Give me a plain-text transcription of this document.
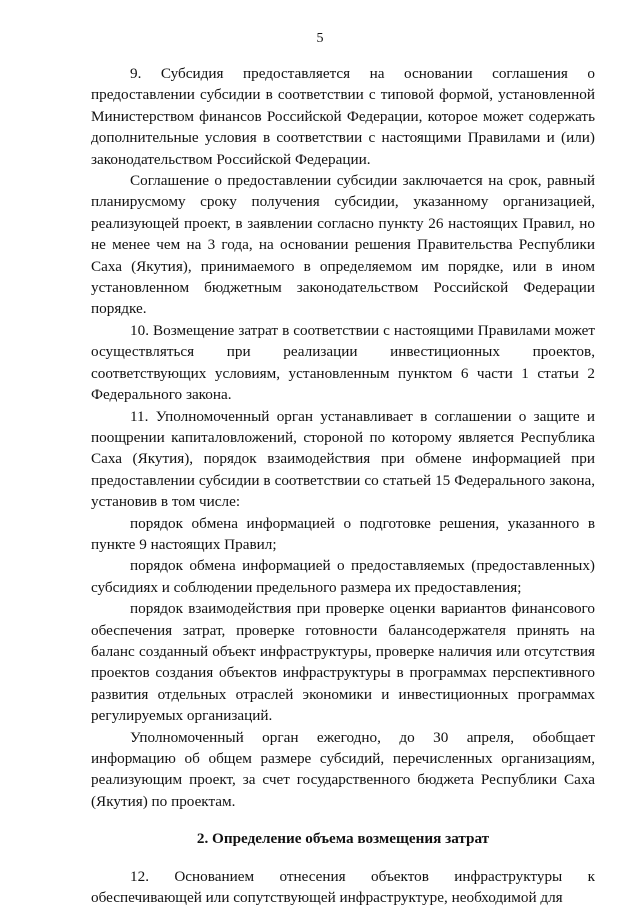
5

9. Субсидия предоставляется на основании соглашения о предоставлении субсидии в соответствии с типовой формой, установленной Министерством финансов Российской Федерации, которое может содержать дополнительные условия в соответствии с настоящими Правилами и (или) законодательством Российской Федерации.

Соглашение о предоставлении субсидии заключается на срок, равный планирусмому сроку получения субсидии, указанному организацией, реализующей проект, в заявлении согласно пункту 26 настоящих Правил, но не менее чем на 3 года, на основании решения Правительства Республики Саха (Якутия), принимаемого в определяемом им порядке, или в ином установленном бюджетным законодательством Российской Федерации порядке.

10. Возмещение затрат в соответствии с настоящими Правилами может осуществляться при реализации инвестиционных проектов, соответствующих условиям, установленным пунктом 6 части 1 статьи 2 Федерального закона.

11. Уполномоченный орган устанавливает в соглашении о защите и поощрении капиталовложений, стороной по которому является Республика Саха (Якутия), порядок взаимодействия при обмене информацией при предоставлении субсидии в соответствии со статьей 15 Федерального закона, установив в том числе:

порядок обмена информацией о подготовке решения, указанного в пункте 9 настоящих Правил;

порядок обмена информацией о предоставляемых (предоставленных) субсидиях и соблюдении предельного размера их предоставления;

порядок взаимодействия при проверке оценки вариантов финансового обеспечения затрат, проверке готовности балансодержателя принять на баланс созданный объект инфраструктуры, проверке наличия или отсутствия проектов создания объектов инфраструктуры в программах перспективного развития отдельных отраслей экономики и инвестиционных программах регулируемых организаций.

Уполномоченный орган ежегодно, до 30 апреля, обобщает информацию об общем размере субсидий, перечисленных организациям, реализующим проект, за счет государственного бюджета Республики Саха (Якутия) по проектам.

2. Определение объема возмещения затрат

12. Основанием отнесения объектов инфраструктуры к обеспечивающей или сопутствующей инфраструктуре, необходимой для
